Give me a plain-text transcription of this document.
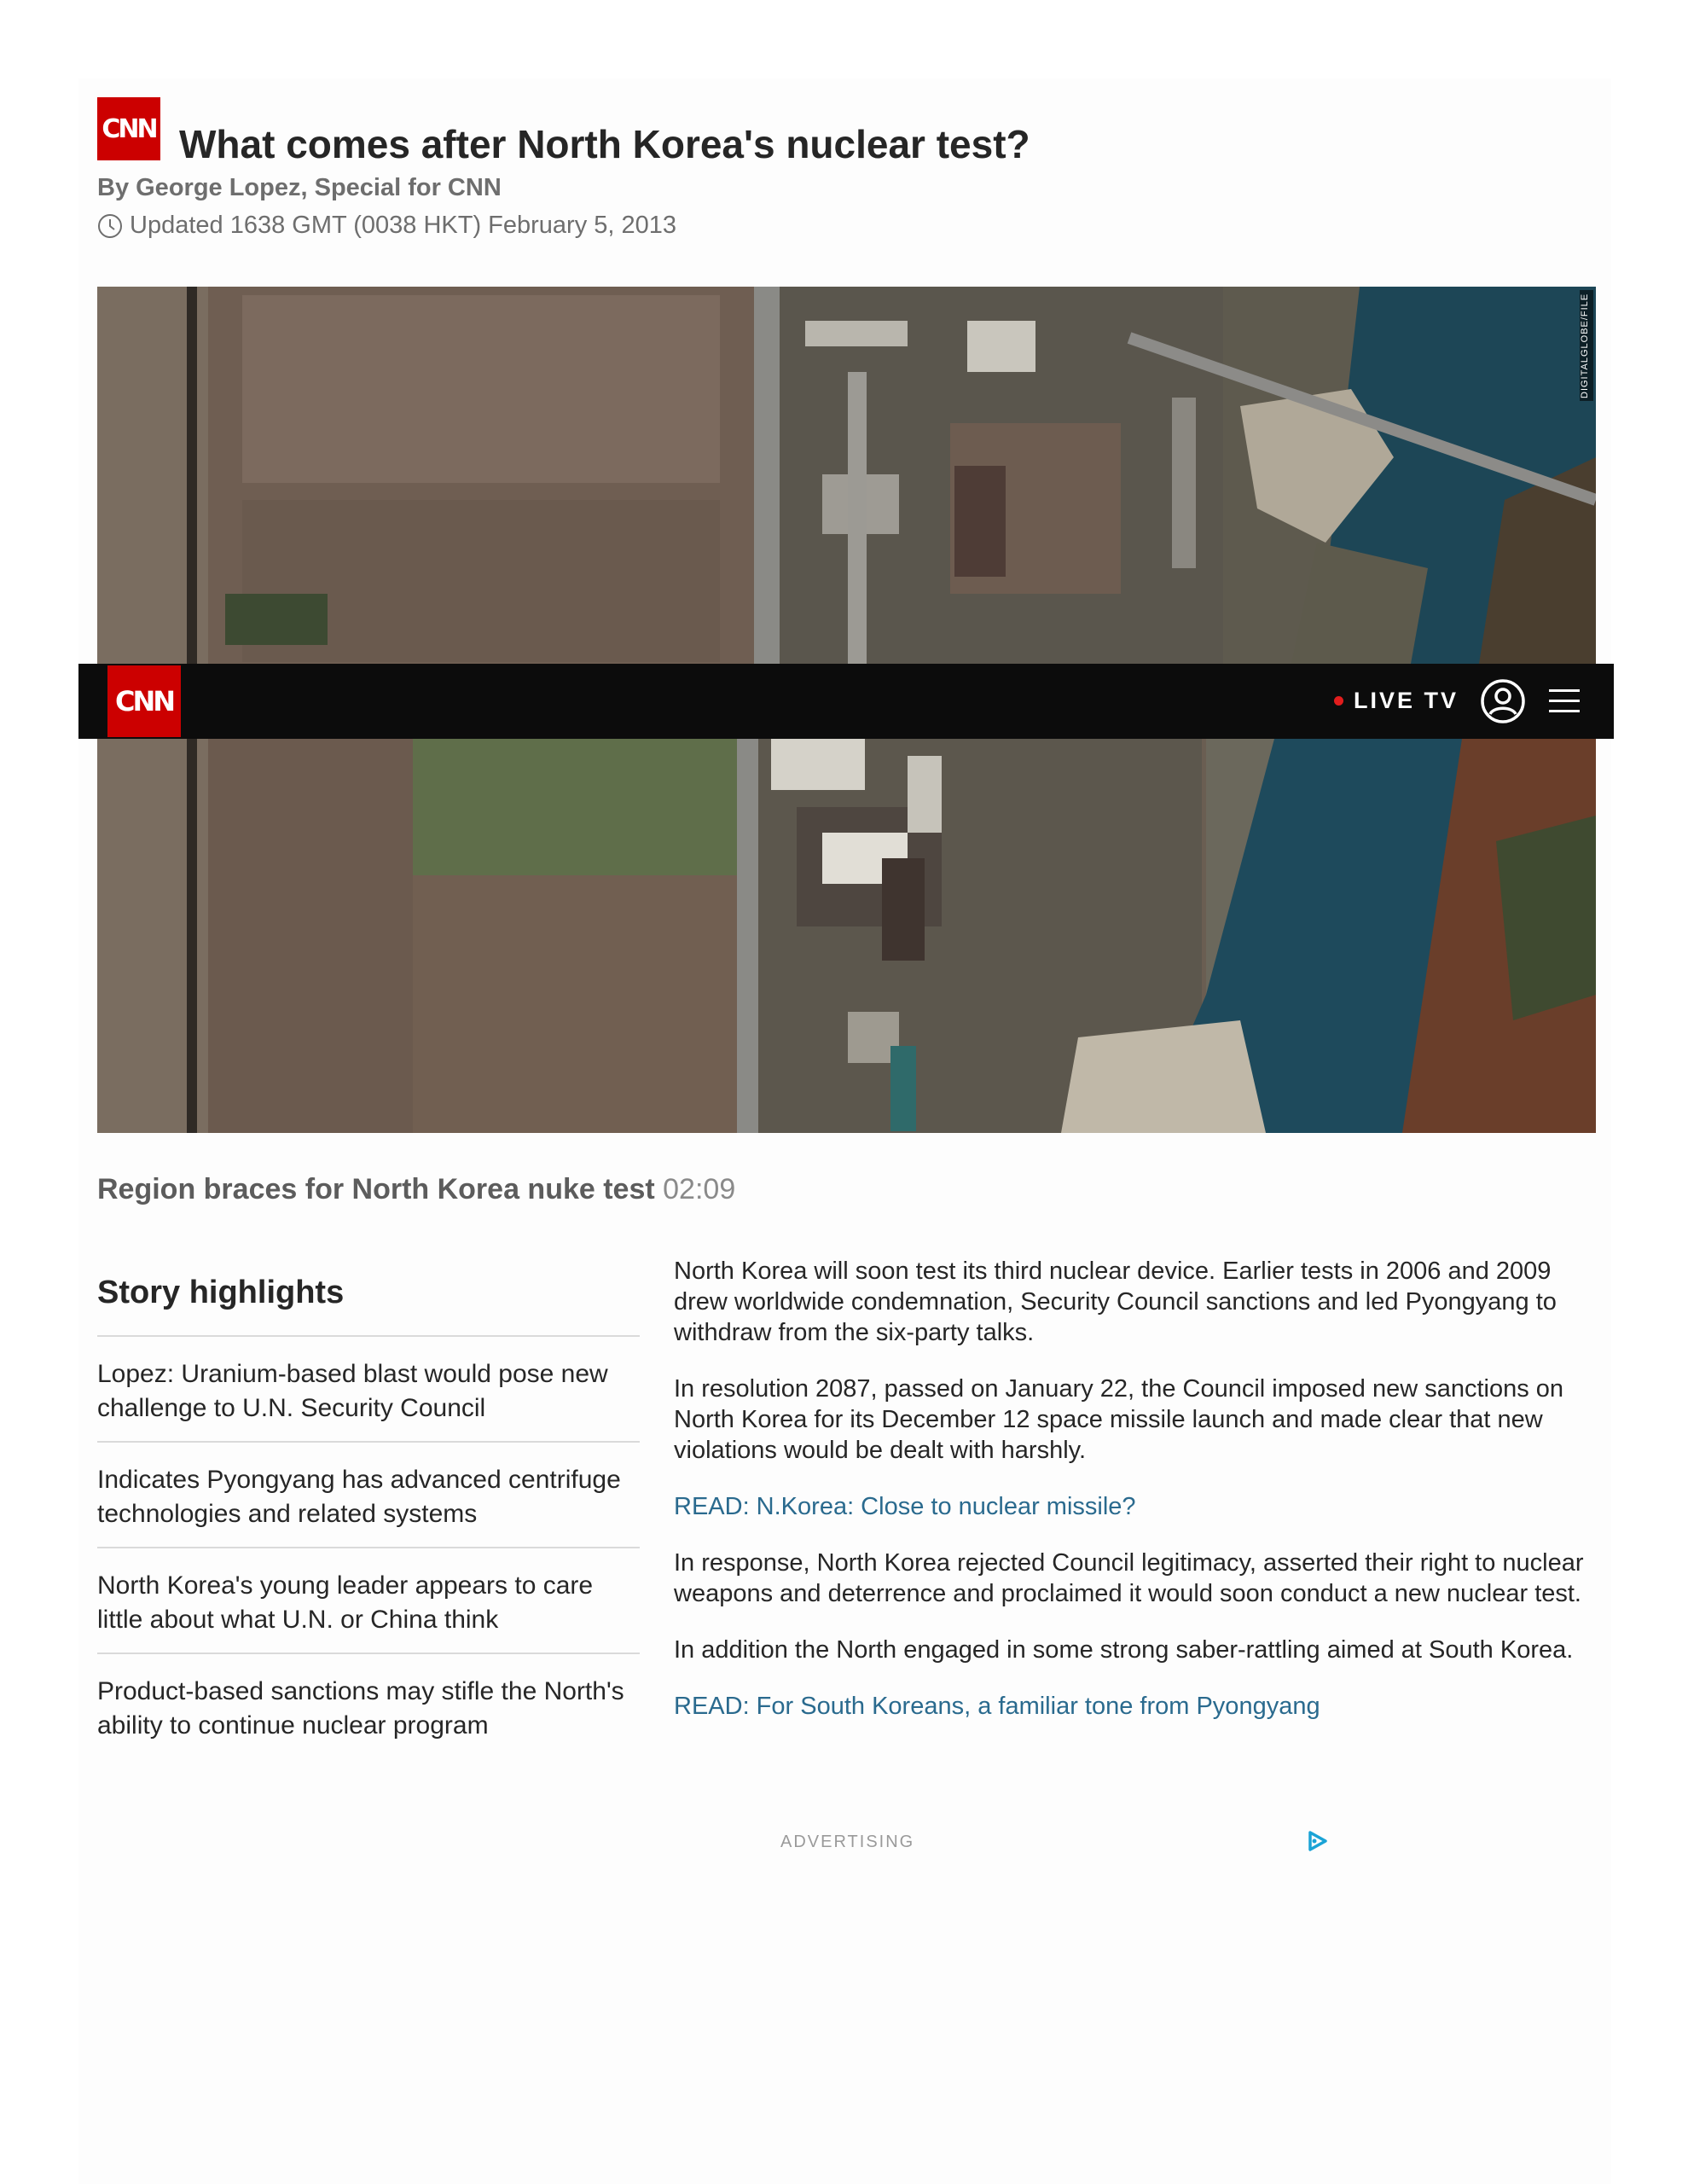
CNN What comes after North Korea's nuclear test?
By George Lopez, Special for CNN
Updated 1638 GMT (0038 HKT) February 5, 2013
DIGITALGLOBE/FILE
CNN	LIVE TV
Region braces for North Korea nuke test 02:09
Story highlights
Lopez: Uranium-based blast would pose new challenge to U.N. Security Council
Indicates Pyongyang has advanced centrifuge technologies and related systems
North Korea's young leader appears to care little about what U.N. or China think
Product-based sanctions may stifle the North's ability to continue nuclear program

North Korea will soon test its third nuclear device. Earlier tests in 2006 and 2009 drew worldwide condemnation, Security Council sanctions and led Pyongyang to withdraw from the six-party talks.

In resolution 2087, passed on January 22, the Council imposed new sanctions on North Korea for its December 12 space missile launch and made clear that new violations would be dealt with harshly.

READ: N.Korea: Close to nuclear missile?

In response, North Korea rejected Council legitimacy, asserted their right to nuclear weapons and deterrence and proclaimed it would soon conduct a new nuclear test.

In addition the North engaged in some strong saber-rattling aimed at South Korea.

READ: For South Koreans, a familiar tone from Pyongyang
ADVERTISING
